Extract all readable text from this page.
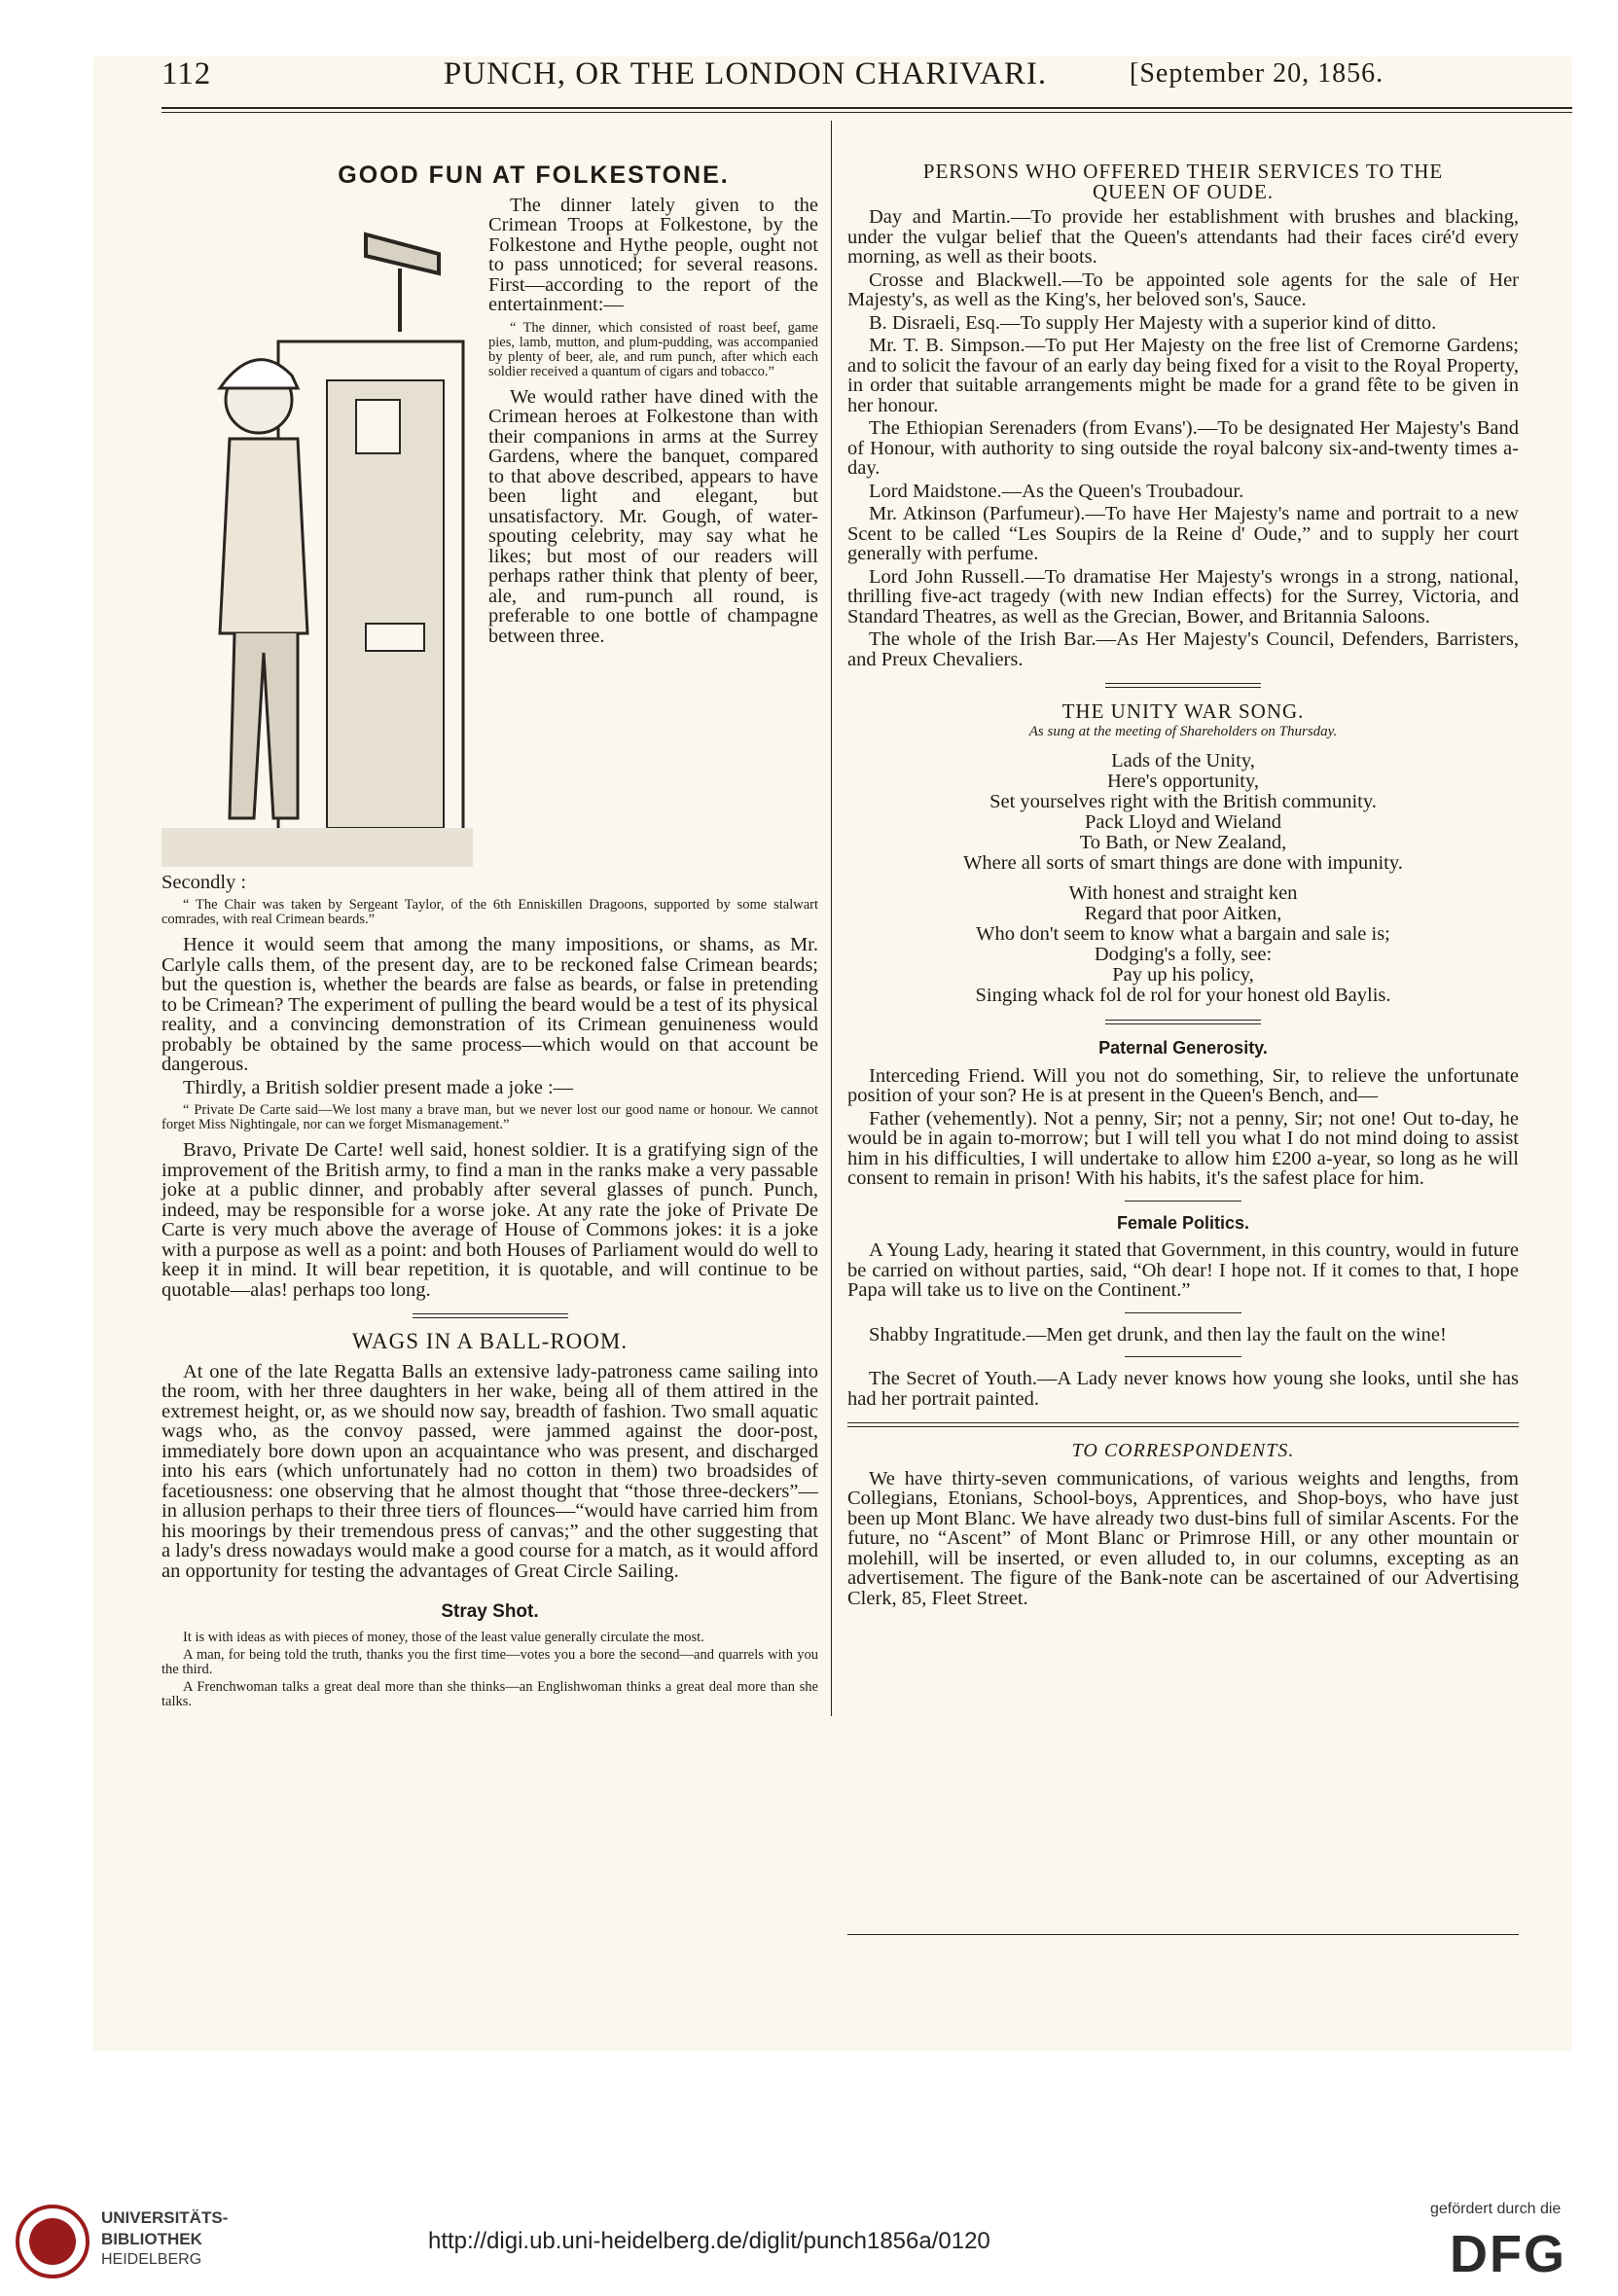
112	PUNCH, OR THE LONDON CHARIVARI.	[September 20, 1856.
GOOD FUN AT FOLKESTONE.

The dinner lately given to the Crimean Troops at Folkestone, by the Folkestone and Hythe people, ought not to pass unnoticed; for several reasons. First—according to the report of the entertainment:—

“ The dinner, which consisted of roast beef, game pies, lamb, mutton, and plum-pudding, was accompanied by plenty of beer, ale, and rum punch, after which each soldier received a quantum of cigars and tobacco.”

We would rather have dined with the Crimean heroes at Folkestone than with their companions in arms at the Surrey Gardens, where the banquet, compared to that above described, appears to have been light and elegant, but unsatisfactory. Mr. Gough, of water-spouting celebrity, may say what he likes; but most of our readers will perhaps rather think that plenty of beer, ale, and rum-punch all round, is preferable to one bottle of champagne between three.

Secondly :

“ The Chair was taken by Sergeant Taylor, of the 6th Enniskillen Dragoons, supported by some stalwart comrades, with real Crimean beards.”

Hence it would seem that among the many impositions, or shams, as Mr. Carlyle calls them, of the present day, are to be reckoned false Crimean beards; but the question is, whether the beards are false as beards, or false in pretending to be Crimean? The experiment of pulling the beard would be a test of its physical reality, and a convincing demonstration of its Crimean genuineness would probably be obtained by the same process—which would on that account be dangerous.

Thirdly, a British soldier present made a joke :—

“ Private De Carte said—We lost many a brave man, but we never lost our good name or honour. We cannot forget Miss Nightingale, nor can we forget Mismanagement.”

Bravo, Private De Carte! well said, honest soldier. It is a gratifying sign of the improvement of the British army, to find a man in the ranks make a very passable joke at a public dinner, and probably after several glasses of punch. Punch, indeed, may be responsible for a worse joke. At any rate the joke of Private De Carte is very much above the average of House of Commons jokes: it is a joke with a purpose as well as a point: and both Houses of Parliament would do well to keep it in mind. It will bear repetition, it is quotable, and will continue to be quotable—alas! perhaps too long.

WAGS IN A BALL-ROOM.

At one of the late Regatta Balls an extensive lady-patroness came sailing into the room, with her three daughters in her wake, being all of them attired in the extremest height, or, as we should now say, breadth of fashion. Two small aquatic wags who, as the convoy passed, were jammed against the door-post, immediately bore down upon an acquaintance who was present, and discharged into his ears (which unfortunately had no cotton in them) two broadsides of facetiousness: one observing that he almost thought that “those three-deckers”—in allusion perhaps to their three tiers of flounces—“would have carried him from his moorings by their tremendous press of canvas;” and the other suggesting that a lady's dress nowadays would make a good course for a match, as it would afford an opportunity for testing the advantages of Great Circle Sailing.

Stray Shot.

It is with ideas as with pieces of money, those of the least value generally circulate the most.

A man, for being told the truth, thanks you the first time—votes you a bore the second—and quarrels with you the third.

A Frenchwoman talks a great deal more than she thinks—an Englishwoman thinks a great deal more than she talks.

PERSONS WHO OFFERED THEIR SERVICES TO THE
QUEEN OF OUDE.

Day and Martin.—To provide her establishment with brushes and blacking, under the vulgar belief that the Queen's attendants had their faces ciré'd every morning, as well as their boots.

Crosse and Blackwell.—To be appointed sole agents for the sale of Her Majesty's, as well as the King's, her beloved son's, Sauce.

B. Disraeli, Esq.—To supply Her Majesty with a superior kind of ditto.

Mr. T. B. Simpson.—To put Her Majesty on the free list of Cremorne Gardens; and to solicit the favour of an early day being fixed for a visit to the Royal Property, in order that suitable arrangements might be made for a grand fête to be given in her honour.

The Ethiopian Serenaders (from Evans').—To be designated Her Majesty's Band of Honour, with authority to sing outside the royal balcony six-and-twenty times a-day.

Lord Maidstone.—As the Queen's Troubadour.

Mr. Atkinson (Parfumeur).—To have Her Majesty's name and portrait to a new Scent to be called “Les Soupirs de la Reine d' Oude,” and to supply her court generally with perfume.

Lord John Russell.—To dramatise Her Majesty's wrongs in a strong, national, thrilling five-act tragedy (with new Indian effects) for the Surrey, Victoria, and Standard Theatres, as well as the Grecian, Bower, and Britannia Saloons.

The whole of the Irish Bar.—As Her Majesty's Council, Defenders, Barristers, and Preux Chevaliers.

THE UNITY WAR SONG.
As sung at the meeting of Shareholders on Thursday.
Lads of the Unity,
Here's opportunity,
Set yourselves right with the British community.
Pack Lloyd and Wieland
To Bath, or New Zealand,
Where all sorts of smart things are done with impunity.
With honest and straight ken
Regard that poor Aitken,
Who don't seem to know what a bargain and sale is;
Dodging's a folly, see:
Pay up his policy,
Singing whack fol de rol for your honest old Baylis.
Paternal Generosity.

Interceding Friend. Will you not do something, Sir, to relieve the unfortunate position of your son? He is at present in the Queen's Bench, and—

Father (vehemently). Not a penny, Sir; not a penny, Sir; not one! Out to-day, he would be in again to-morrow; but I will tell you what I do not mind doing to assist him in his difficulties, I will undertake to allow him £200 a-year, so long as he will consent to remain in prison! With his habits, it's the safest place for him.

Female Politics.

A Young Lady, hearing it stated that Government, in this country, would in future be carried on without parties, said, “Oh dear! I hope not. If it comes to that, I hope Papa will take us to live on the Continent.”

Shabby Ingratitude.—Men get drunk, and then lay the fault on the wine!

The Secret of Youth.—A Lady never knows how young she looks, until she has had her portrait painted.

TO CORRESPONDENTS.

We have thirty-seven communications, of various weights and lengths, from Collegians, Etonians, School-boys, Apprentices, and Shop-boys, who have just been up Mont Blanc. We have already two dust-bins full of similar Ascents. For the future, no “Ascent” of Mont Blanc or Primrose Hill, or any other mountain or molehill, will be inserted, or even alluded to, in our columns, excepting as an advertisement. The figure of the Bank-note can be ascertained of our Advertising Clerk, 85, Fleet Street.

UNIVERSITÄTS-
BIBLIOTHEK
HEIDELBERG
http://digi.ub.uni-heidelberg.de/diglit/punch1856a/0120
gefördert durch die
DFG
